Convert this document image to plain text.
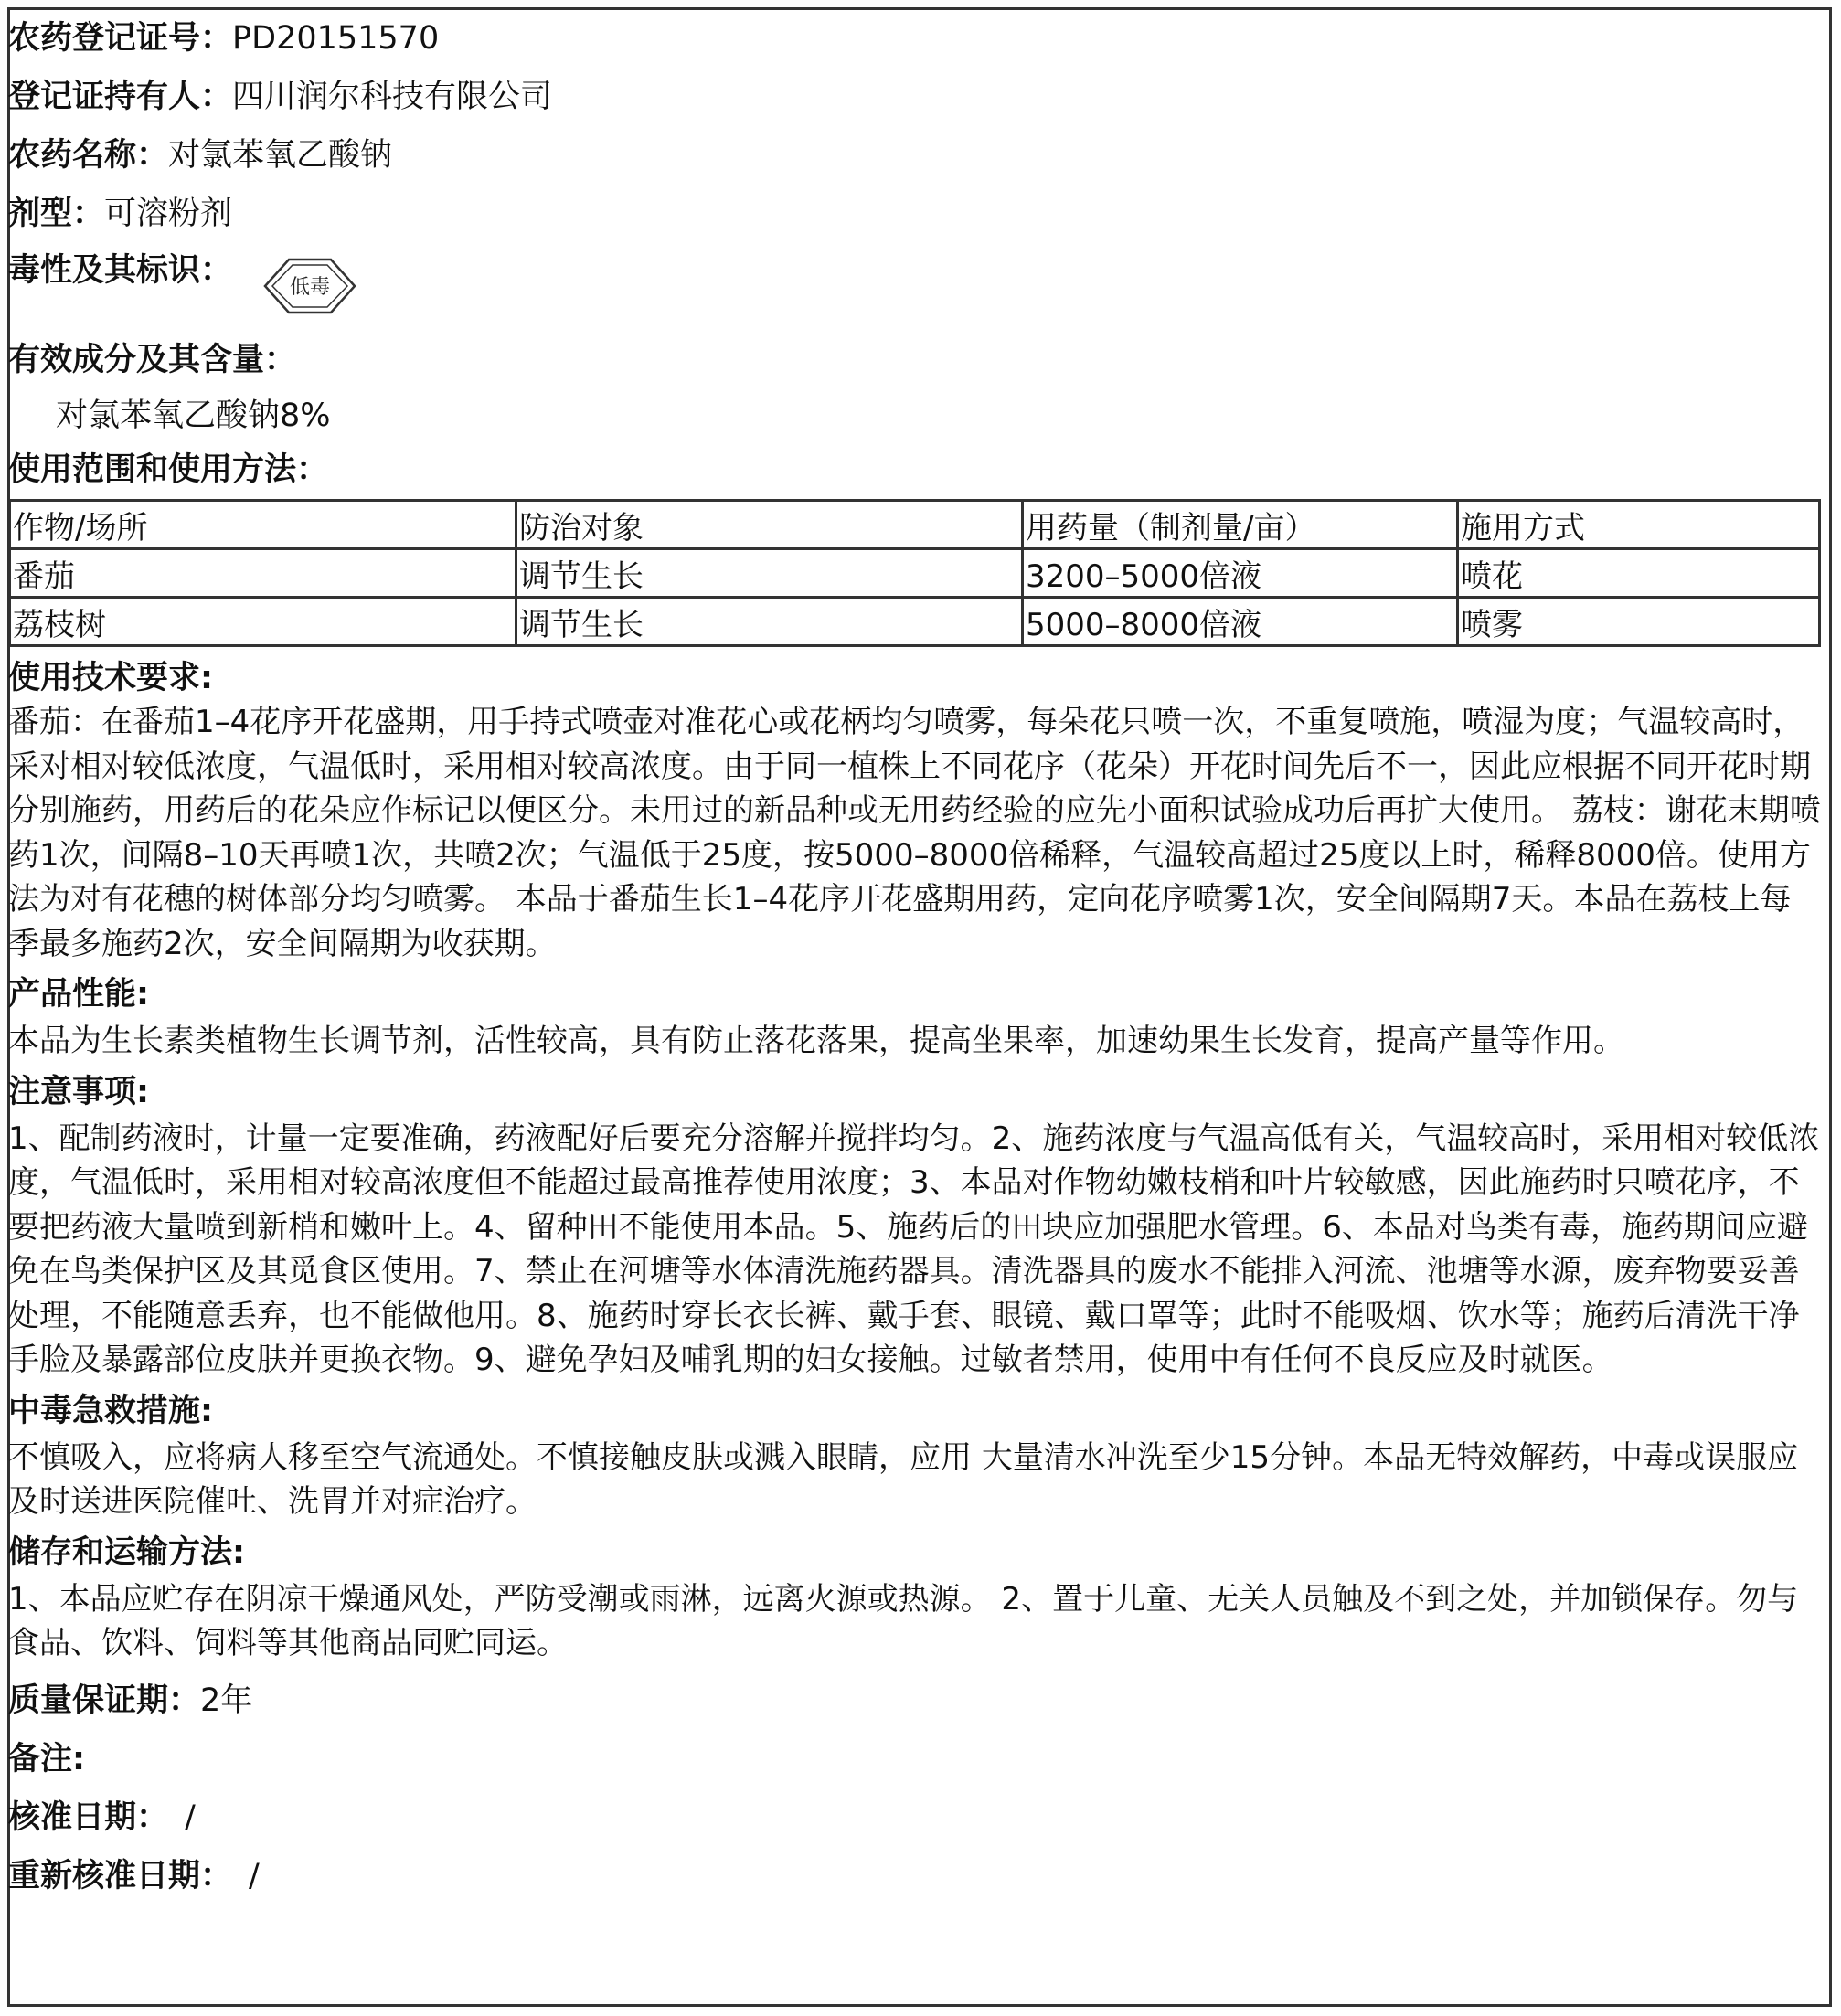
农药登记证号：PD20151570
登记证持有人：四川润尔科技有限公司
农药名称：对氯苯氧乙酸钠
剂型：可溶粉剂
毒性及其标识：	低毒
有效成分及其含量：
对氯苯氧乙酸钠8%
使用范围和使用方法：
作物/场所	防治对象	用药量（制剂量/亩）	施用方式
番茄	调节生长	3200–5000倍液	喷花
荔枝树	调节生长	5000–8000倍液	喷雾
使用技术要求:

番茄：在番茄1–4花序开花盛期，用手持式喷壶对准花心或花柄均匀喷雾，每朵花只喷一次，不重复喷施，喷湿为度；气温较高时，采对相对较低浓度，气温低时，采用相对较高浓度。由于同一植株上不同花序（花朵）开花时间先后不一，因此应根据不同开花时期分别施药，用药后的花朵应作标记以便区分。未用过的新品种或无用药经验的应先小面积试验成功后再扩大使用。 荔枝：谢花末期喷药1次，间隔8–10天再喷1次，共喷2次；气温低于25度，按5000–8000倍稀释，气温较高超过25度以上时，稀释8000倍。使用方法为对有花穗的树体部分均匀喷雾。 本品于番茄生长1–4花序开花盛期用药，定向花序喷雾1次，安全间隔期7天。本品在荔枝上每季最多施药2次，安全间隔期为收获期。

产品性能:

本品为生长素类植物生长调节剂，活性较高，具有防止落花落果，提高坐果率，加速幼果生长发育，提高产量等作用。

注意事项:

1、配制药液时，计量一定要准确，药液配好后要充分溶解并搅拌均匀。2、施药浓度与气温高低有关，气温较高时，采用相对较低浓度，气温低时，采用相对较高浓度但不能超过最高推荐使用浓度；3、本品对作物幼嫩枝梢和叶片较敏感，因此施药时只喷花序，不要把药液大量喷到新梢和嫩叶上。4、留种田不能使用本品。5、施药后的田块应加强肥水管理。6、本品对鸟类有毒，施药期间应避免在鸟类保护区及其觅食区使用。7、禁止在河塘等水体清洗施药器具。清洗器具的废水不能排入河流、池塘等水源，废弃物要妥善处理，不能随意丢弃，也不能做他用。8、施药时穿长衣长裤、戴手套、眼镜、戴口罩等；此时不能吸烟、饮水等；施药后清洗干净手脸及暴露部位皮肤并更换衣物。9、避免孕妇及哺乳期的妇女接触。过敏者禁用，使用中有任何不良反应及时就医。

中毒急救措施:

不慎吸入，应将病人移至空气流通处。不慎接触皮肤或溅入眼睛，应用 大量清水冲洗至少15分钟。本品无特效解药，中毒或误服应及时送进医院催吐、洗胃并对症治疗。

储存和运输方法:

1、本品应贮存在阴凉干燥通风处，严防受潮或雨淋，远离火源或热源。 2、置于儿童、无关人员触及不到之处，并加锁保存。勿与食品、饮料、饲料等其他商品同贮同运。

质量保证期：2年
备注:
核准日期： /
重新核准日期： /
